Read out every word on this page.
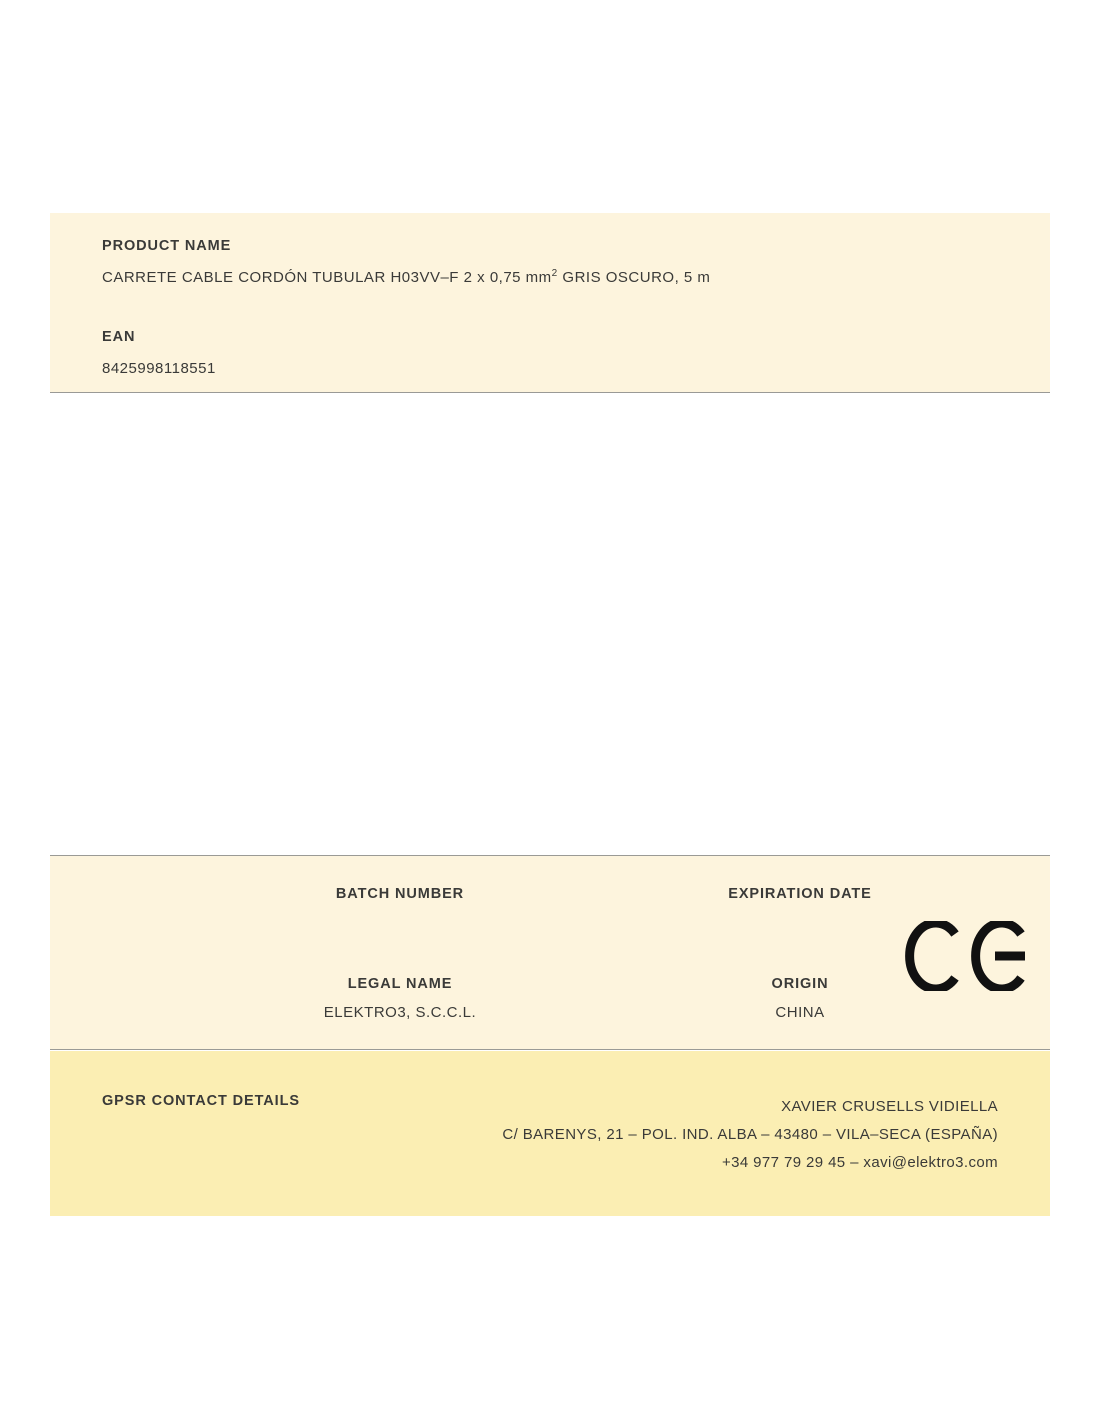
PRODUCT NAME
CARRETE CABLE CORDÓN TUBULAR H03VV–F 2 x 0,75 $mm^2$ GRIS OSCURO, 5 m
EAN
8425998118551
BATCH NUMBER	EXPIRATION DATE
LEGAL NAME
ELEKTRO3, S.C.C.L.
ORIGIN
CHINA
GPSR CONTACT DETAILS	XAVIER CRUSELLS VIDIELLA
C/ BARENYS, 21 – POL. IND. ALBA – 43480 – VILA–SECA (ESPAÑA)
+34 977 79 29 45 – xavi@elektro3.com
